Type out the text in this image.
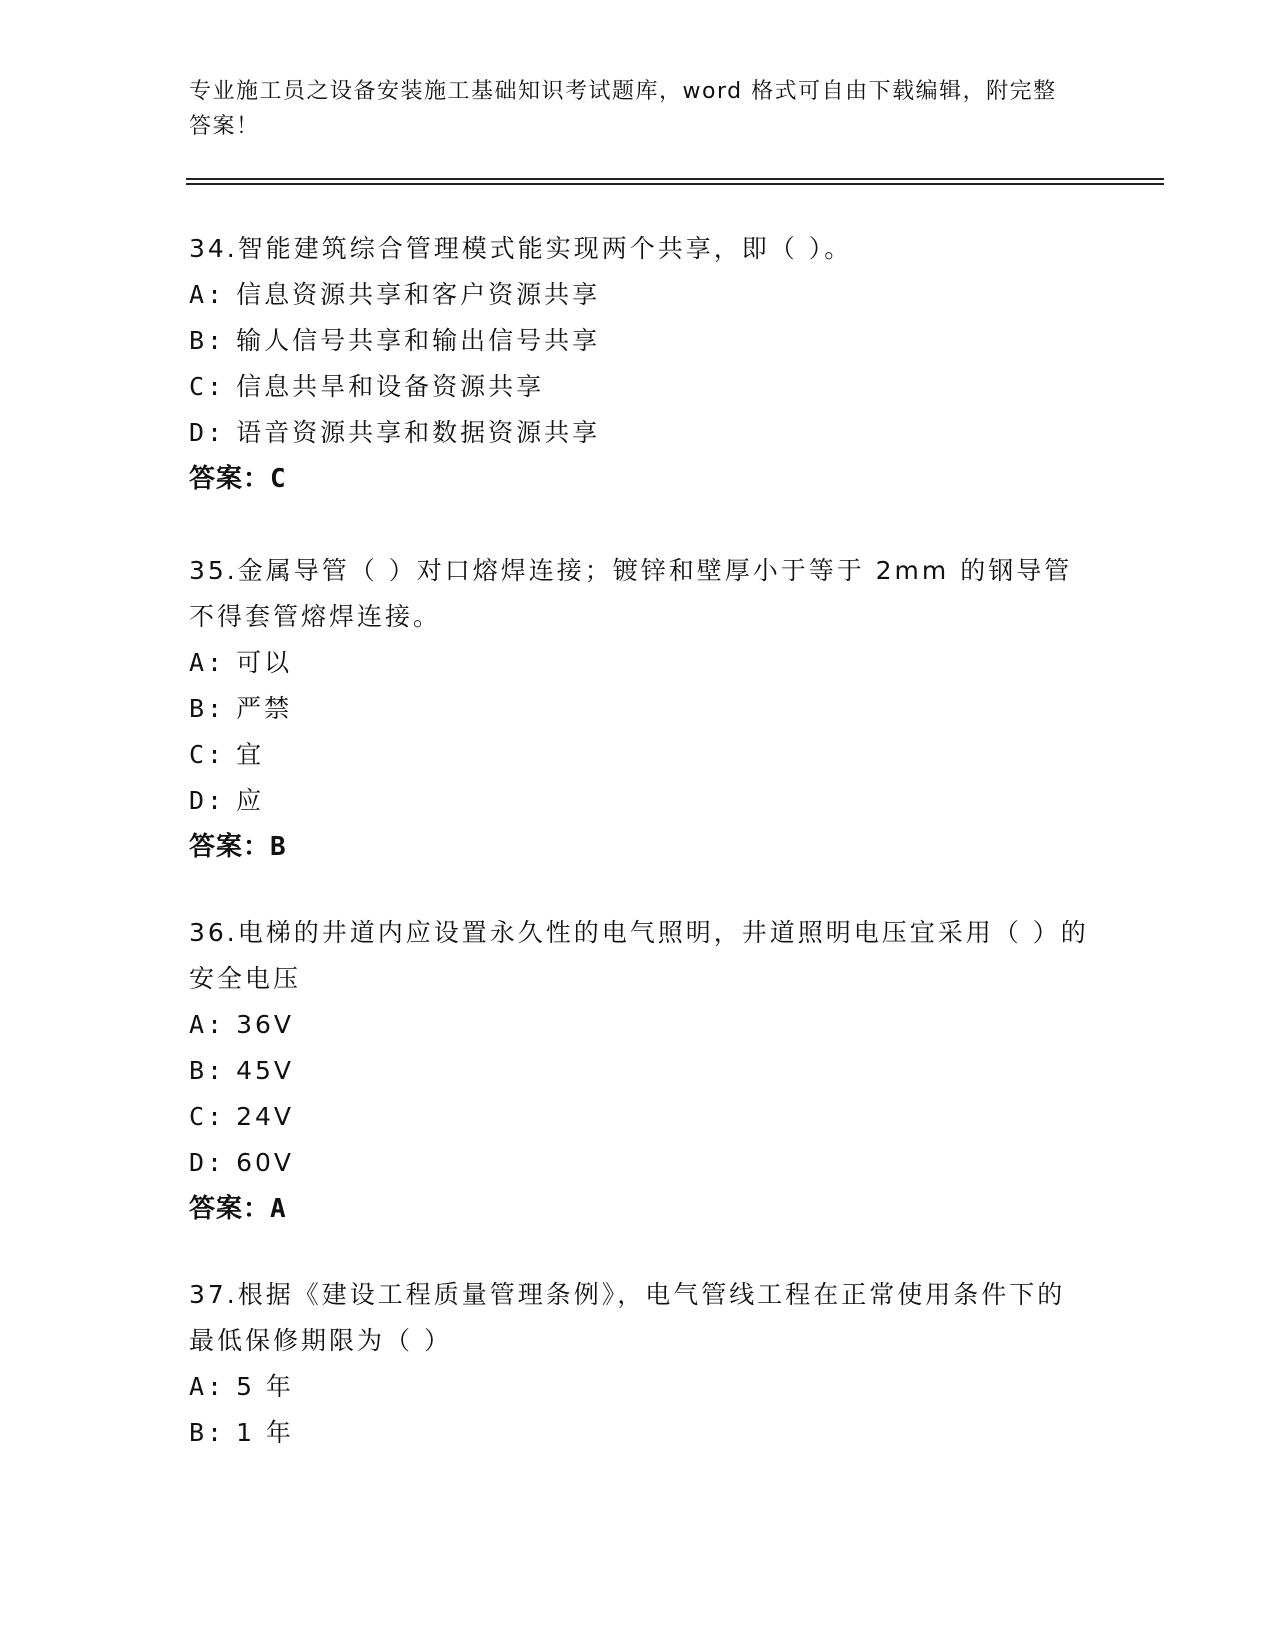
专业施工员之设备安装施工基础知识考试题库，word 格式可自由下载编辑，附完整答案！

34.智能建筑综合管理模式能实现两个共享，即（ ）。

A: 信息资源共享和客户资源共享
B: 输人信号共享和输出信号共享
C: 信息共旱和设备资源共享
D: 语音资源共享和数据资源共享
答案：C

35.金属导管（ ）对口熔焊连接；镀锌和壁厚小于等于 2mm 的钢导管不得套管熔焊连接。

A: 可以
B: 严禁
C: 宜
D: 应
答案：B

36.电梯的井道内应设置永久性的电气照明，井道照明电压宜采用（ ）的安全电压

A: 36V
B: 45V
C: 24V
D: 60V
答案：A

37.根据《建设工程质量管理条例》，电气管线工程在正常使用条件下的最低保修期限为（ ）

A: 5 年
B: 1 年
